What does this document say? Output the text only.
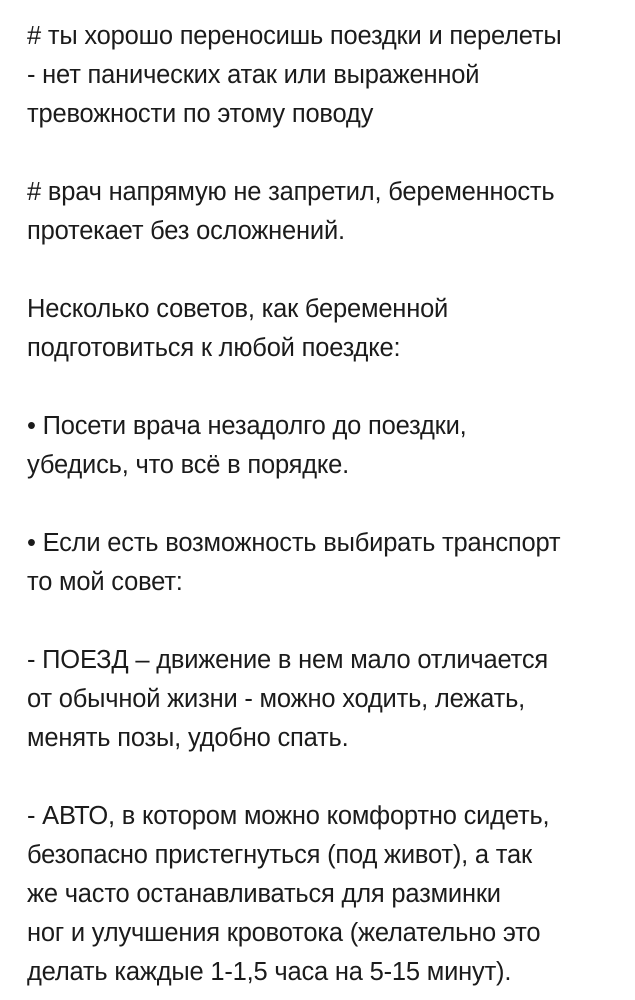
# ты хорошо переносишь поездки и перелеты
- нет панических атак или выраженной
тревожности по этому поводу

# врач напрямую не запретил, беременность
протекает без осложнений.

Несколько советов, как беременной
подготовиться к любой поездке:

• Посети врача незадолго до поездки,
убедись, что всё в порядке.

• Если есть возможность выбирать транспорт
то мой совет:

- ПОЕЗД – движение в нем мало отличается
от обычной жизни - можно ходить, лежать,
менять позы, удобно спать.

- АВТО, в котором можно комфортно сидеть,
безопасно пристегнуться (под живот), а так
же часто останавливаться для разминки
ног и улучшения кровотока (желательно это
делать каждые 1-1,5 часа на 5-15 минут).
